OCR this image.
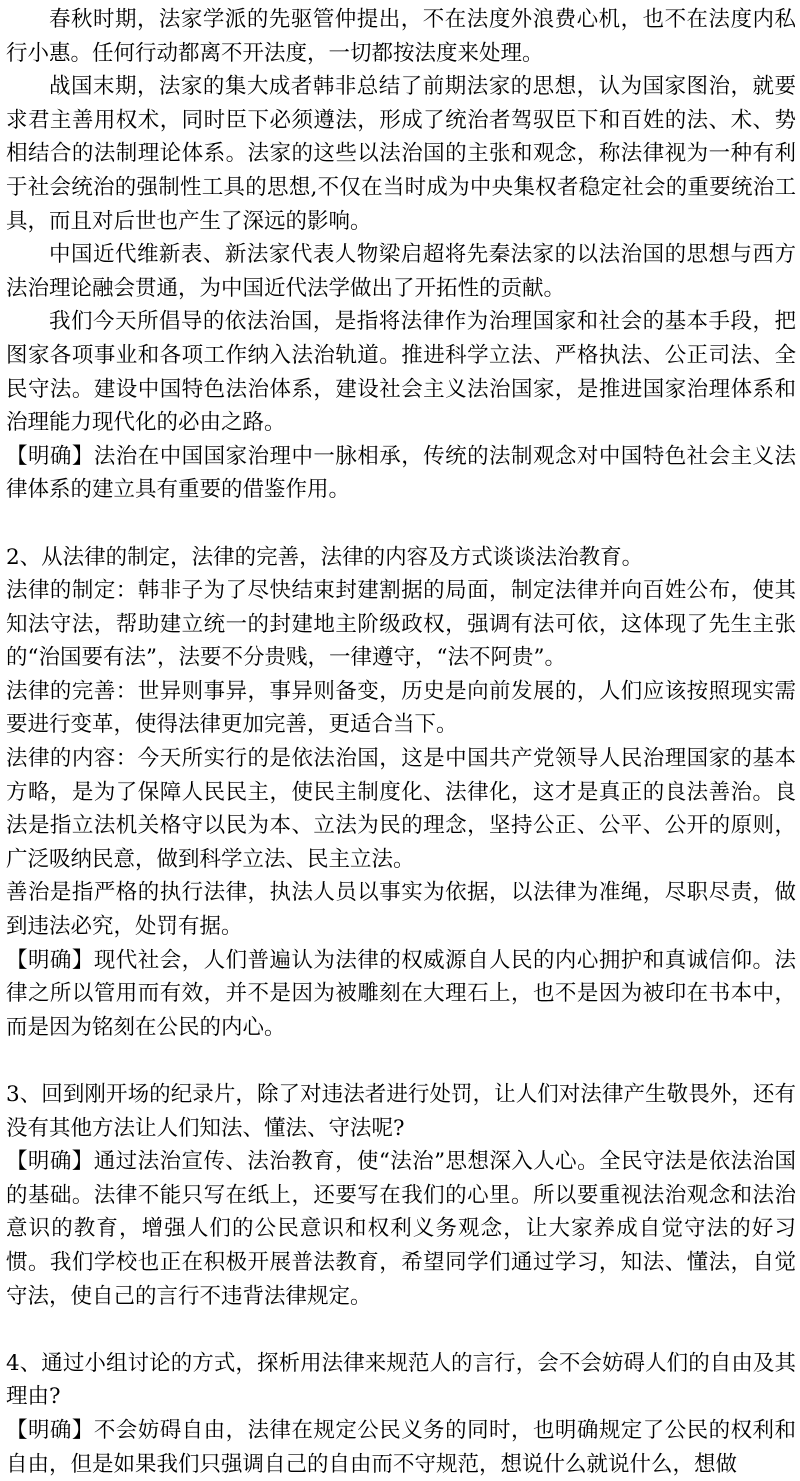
春秋时期，法家学派的先驱管仲提出，不在法度外浪费心机，也不在法度内私行小惠。任何行动都离不开法度，一切都按法度来处理。

战国末期，法家的集大成者韩非总结了前期法家的思想，认为国家图治，就要求君主善用权术，同时臣下必须遵法，形成了统治者驾驭臣下和百姓的法、术、势相结合的法制理论体系。法家的这些以法治国的主张和观念，称法律视为一种有利于社会统治的强制性工具的思想,不仅在当时成为中央集权者稳定社会的重要统治工具，而且对后世也产生了深远的影响。

中国近代维新表、新法家代表人物梁启超将先秦法家的以法治国的思想与西方法治理论融会贯通，为中国近代法学做出了开拓性的贡献。

我们今天所倡导的依法治国，是指将法律作为治理国家和社会的基本手段，把图家各项事业和各项工作纳入法治轨道。推进科学立法、严格执法、公正司法、全民守法。建设中国特色法治体系，建设社会主义法治国家，是推进国家治理体系和治理能力现代化的必由之路。

【明确】法治在中国国家治理中一脉相承，传统的法制观念对中国特色社会主义法律体系的建立具有重要的借鉴作用。

2、从法律的制定，法律的完善，法律的内容及方式谈谈法治教育。

法律的制定：韩非子为了尽快结束封建割据的局面，制定法律并向百姓公布，使其知法守法，帮助建立统一的封建地主阶级政权，强调有法可依，这体现了先生主张的“治国要有法”，法要不分贵贱，一律遵守，“法不阿贵”。

法律的完善：世异则事异，事异则备变，历史是向前发展的，人们应该按照现实需要进行变革，使得法律更加完善，更适合当下。

法律的内容：今天所实行的是依法治国，这是中国共产党领导人民治理国家的基本方略，是为了保障人民民主，使民主制度化、法律化，这才是真正的良法善治。良法是指立法机关格守以民为本、立法为民的理念，坚持公正、公平、公开的原则，广泛吸纳民意，做到科学立法、民主立法。

善治是指严格的执行法律，执法人员以事实为依据，以法律为准绳，尽职尽责，做到违法必究，处罚有据。

【明确】现代社会，人们普遍认为法律的权威源自人民的内心拥护和真诚信仰。法律之所以管用而有效，并不是因为被雕刻在大理石上，也不是因为被印在书本中，而是因为铭刻在公民的内心。

3、回到刚开场的纪录片，除了对违法者进行处罚，让人们对法律产生敬畏外，还有没有其他方法让人们知法、懂法、守法呢?

【明确】通过法治宣传、法治教育，使“法治”思想深入人心。全民守法是依法治国的基础。法律不能只写在纸上，还要写在我们的心里。所以要重视法治观念和法治意识的教育，增强人们的公民意识和权利义务观念，让大家养成自觉守法的好习惯。我们学校也正在积极开展普法教育，希望同学们通过学习，知法、懂法，自觉守法，使自己的言行不违背法律规定。

4、通过小组讨论的方式，探析用法律来规范人的言行，会不会妨碍人们的自由及其理由?

【明确】不会妨碍自由，法律在规定公民义务的同时，也明确规定了公民的权利和自由，但是如果我们只强调自己的自由而不守规范，想说什么就说什么，想做
